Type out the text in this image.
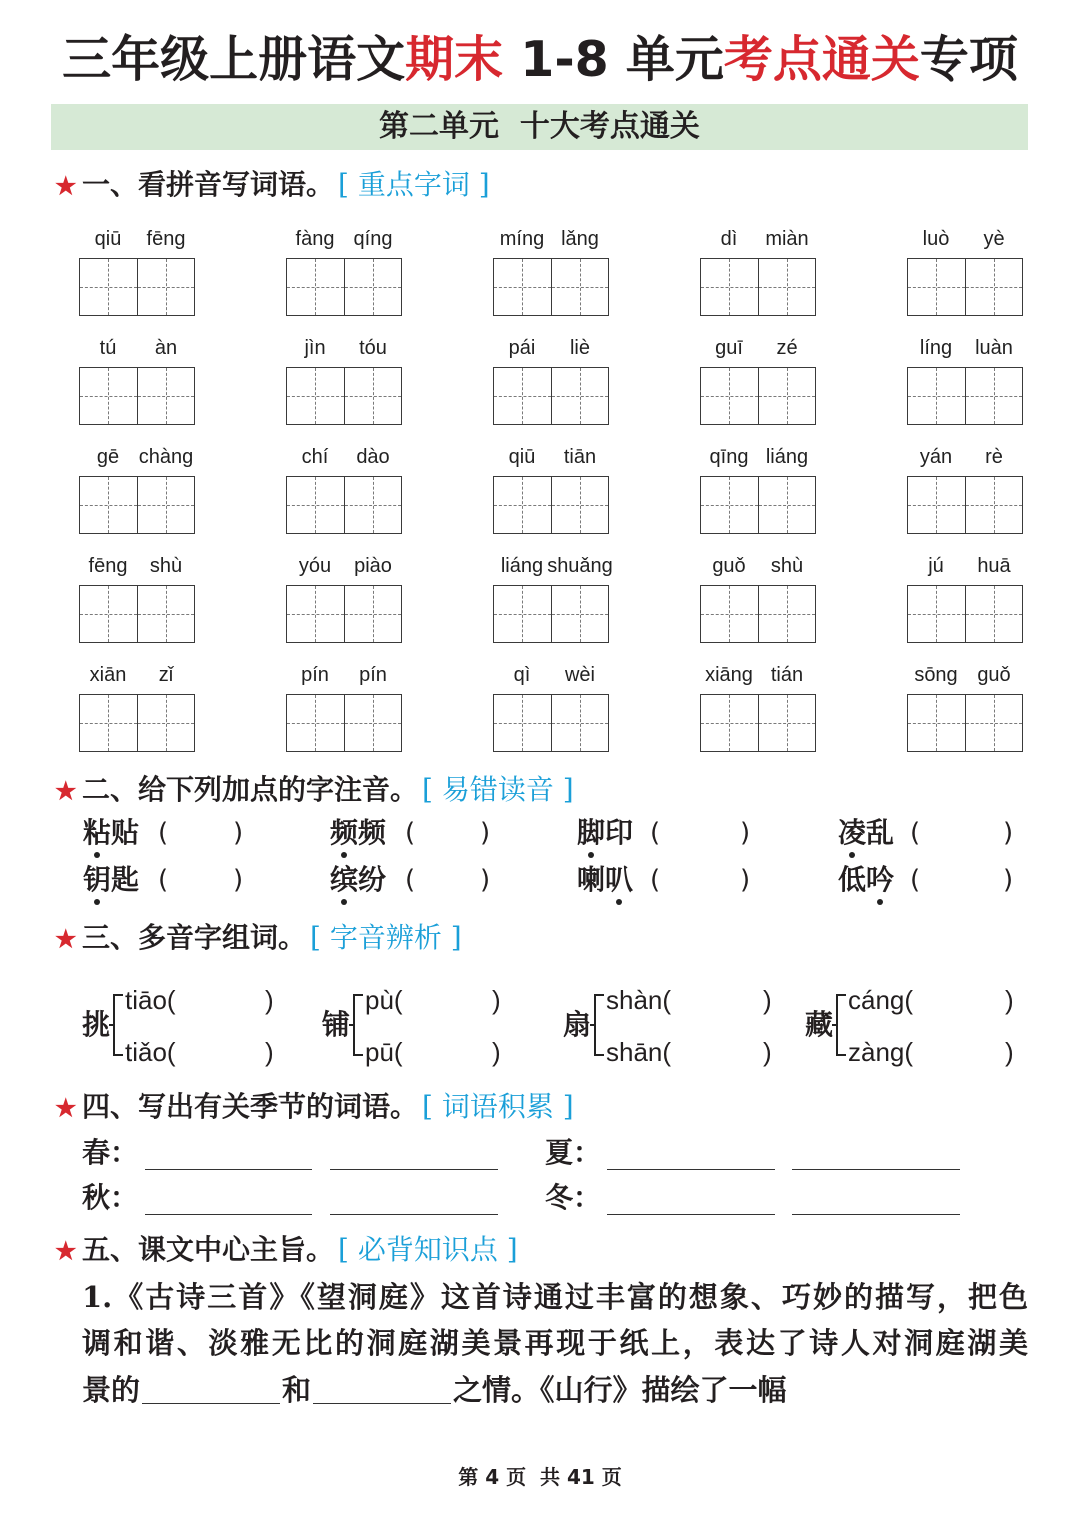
三年级上册语文期末 1-8 单元考点通关专项
第二单元  十大考点通关
★ 一、看拼音写词语。 [ 重点字词 ]
qiū fēng	fàng qíng	míng lǎng	dì miàn	luò yè
tú àn	jìn tóu	pái liè	guī zé	líng luàn
gē chàng	chí dào	qiū tiān	qīng liáng	yán rè
fēng shù	yóu piào	liáng shuǎng	guǒ shù	jú huā
xiān zǐ	pín pín	qì wèi	xiāng tián	sōng guǒ
★ 二、给下列加点的字注音。 [ 易错读音 ]
粘贴 ( )	频频 ( )	脚印 (	)	凌乱 (	)
钥匙 ( )	缤纷 ( )	喇叭 (	)	低吟 (	)
★ 三、多音字组词。 [ 字音辨析 ]
挑
tiāo(	)
tiǎo(	)
铺
pù(	)
pū(	)
扇
shàn(	)
shān(	)
藏
cáng(	)
zàng(	)
★ 四、写出有关季节的词语。 [ 词语积累 ]
春：	夏：
秋：	冬：
★ 五、课文中心主旨。 [ 必背知识点 ]
1.《古诗三首》《望洞庭》这首诗通过丰富的想象、巧妙的描写，把色
调和谐、淡雅无比的洞庭湖美景再现于纸上，表达了诗人对洞庭湖美
景的	和	之情。《山行》描绘了一幅
第 4 页  共 41 页
